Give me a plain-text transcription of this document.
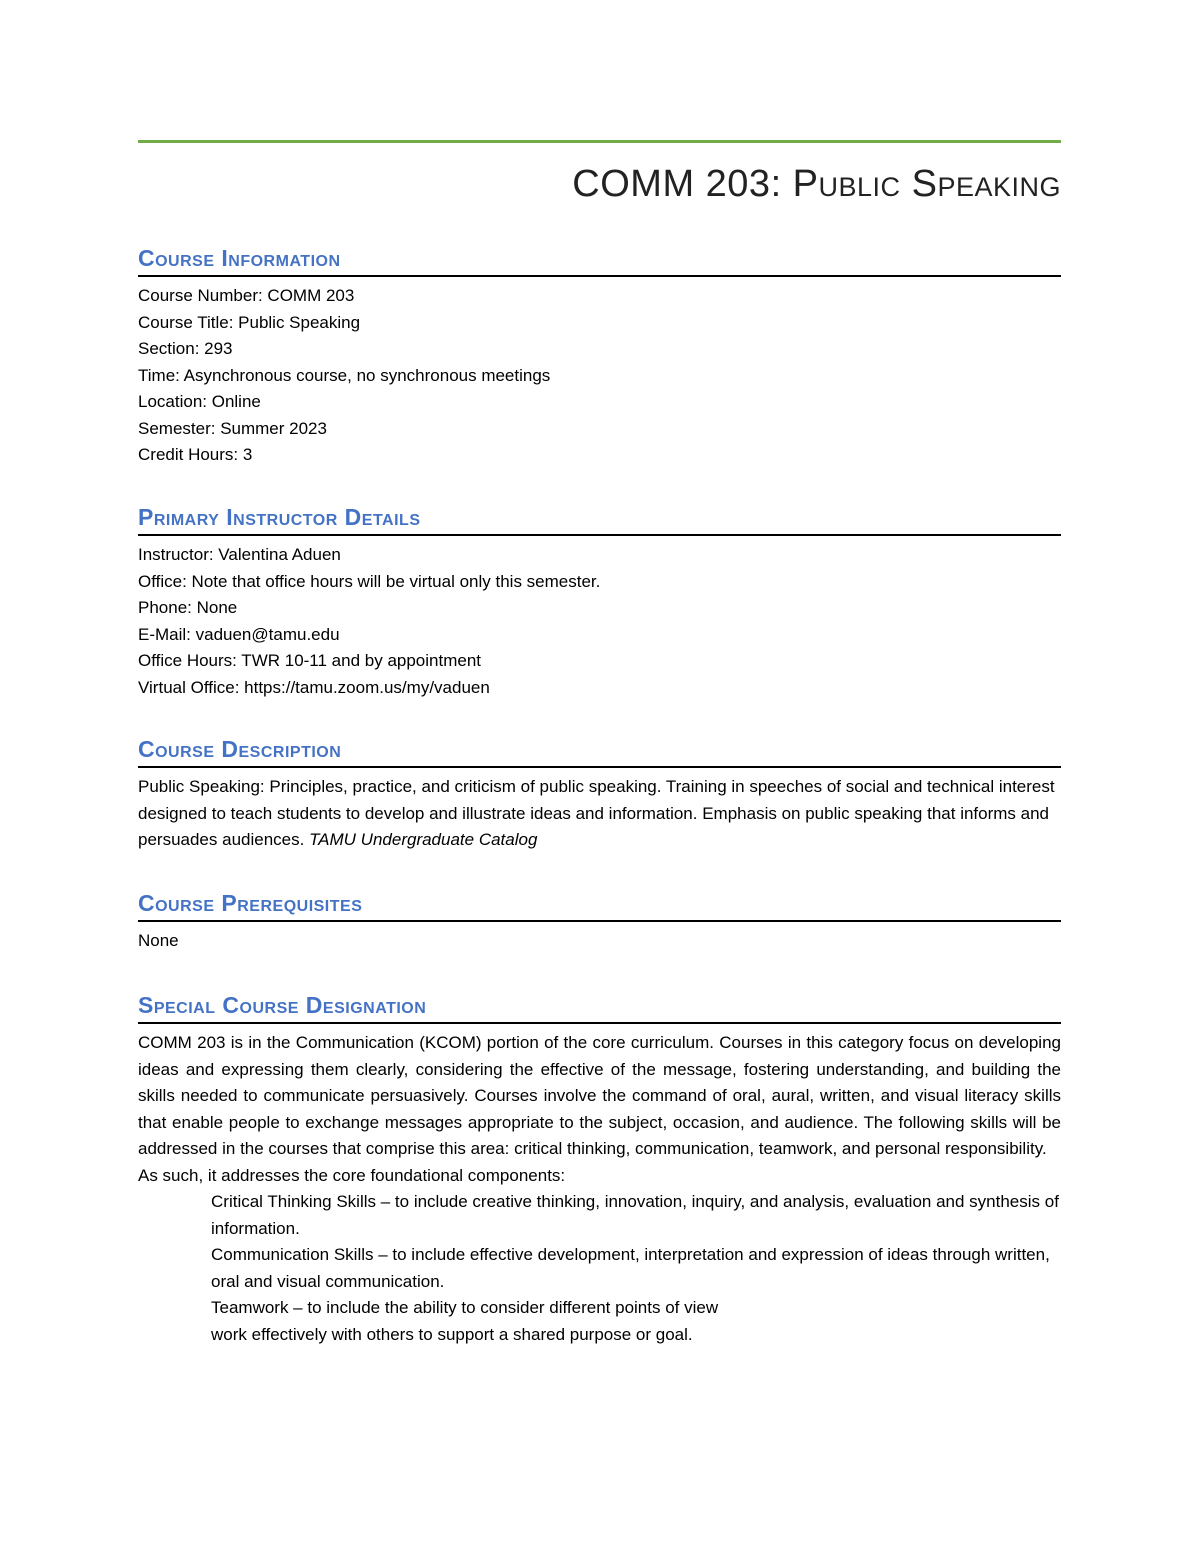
COMM 203: Public Speaking
Course Information
Course Number: COMM 203
Course Title: Public Speaking
Section: 293
Time: Asynchronous course, no synchronous meetings
Location: Online
Semester: Summer 2023
Credit Hours: 3
Primary Instructor Details
Instructor: Valentina Aduen
Office: Note that office hours will be virtual only this semester.
Phone: None
E-Mail: vaduen@tamu.edu
Office Hours: TWR 10-11 and by appointment
Virtual Office: https://tamu.zoom.us/my/vaduen
Course Description
Public Speaking: Principles, practice, and criticism of public speaking. Training in speeches of social and technical interest designed to teach students to develop and illustrate ideas and information. Emphasis on public speaking that informs and persuades audiences. TAMU Undergraduate Catalog
Course Prerequisites
None
Special Course Designation
COMM 203 is in the Communication (KCOM) portion of the core curriculum. Courses in this category focus on developing ideas and expressing them clearly, considering the effective of the message, fostering understanding, and building the skills needed to communicate persuasively. Courses involve the command of oral, aural, written, and visual literacy skills that enable people to exchange messages appropriate to the subject, occasion, and audience. The following skills will be addressed in the courses that comprise this area: critical thinking, communication, teamwork, and personal responsibility.
As such, it addresses the core foundational components:
Critical Thinking Skills – to include creative thinking, innovation, inquiry, and analysis, evaluation and synthesis of information.
Communication Skills – to include effective development, interpretation and expression of ideas through written, oral and visual communication.
Teamwork – to include the ability to consider different points of view
work effectively with others to support a shared purpose or goal.
